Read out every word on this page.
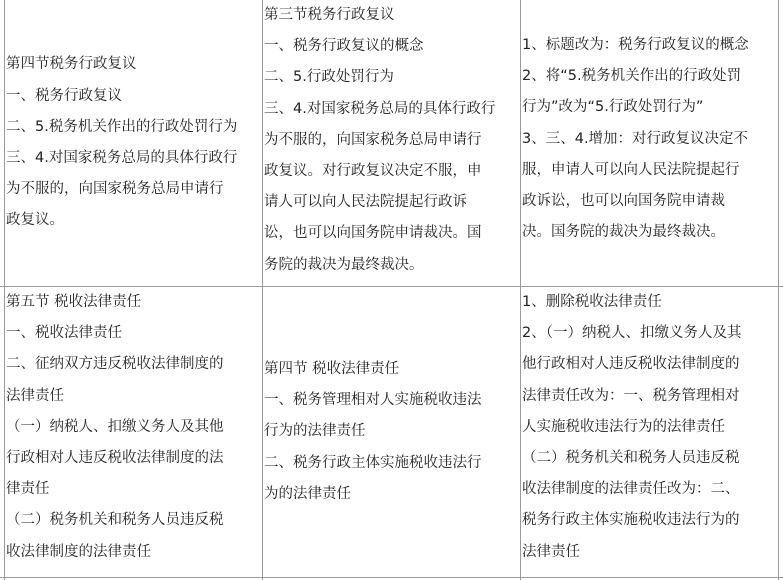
第四节税务行政复议
一、税务行政复议
二、5.税务机关作出的行政处罚行为
三、4.对国家税务总局的具体行政行
为不服的，向国家税务总局申请行
政复议。
第三节税务行政复议
一、税务行政复议的概念
二、5.行政处罚行为
三、4.对国家税务总局的具体行政行
为不服的，向国家税务总局申请行
政复议。对行政复议决定不服，申
请人可以向人民法院提起行政诉
讼，也可以向国务院申请裁决。国
务院的裁决为最终裁决。
1、标题改为：税务行政复议的概念
2、将“5.税务机关作出的行政处罚
行为”改为“5.行政处罚行为”
3、三、4.增加：对行政复议决定不
服，申请人可以向人民法院提起行
政诉讼，也可以向国务院申请裁
决。国务院的裁决为最终裁决。
第五节 税收法律责任
一、税收法律责任
二、征纳双方违反税收法律制度的
法律责任
（一）纳税人、扣缴义务人及其他
行政相对人违反税收法律制度的法
律责任
（二）税务机关和税务人员违反税
收法律制度的法律责任
第四节 税收法律责任
一、税务管理相对人实施税收违法
行为的法律责任
二、税务行政主体实施税收违法行
为的法律责任
1、删除税收法律责任
2、（一）纳税人、扣缴义务人及其
他行政相对人违反税收法律制度的
法律责任改为：一、税务管理相对
人实施税收违法行为的法律责任
（二）税务机关和税务人员违反税
收法律制度的法律责任改为：二、
税务行政主体实施税收违法行为的
法律责任
